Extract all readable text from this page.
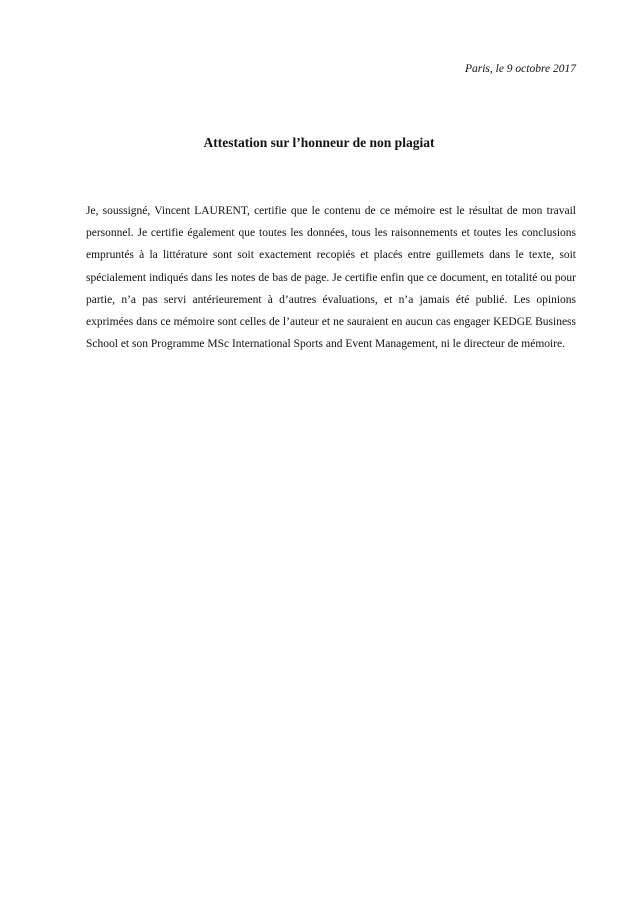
Paris, le 9 octobre 2017
Attestation sur l’honneur de non plagiat

Je, soussigné, Vincent LAURENT, certifie que le contenu de ce mémoire est le résultat de mon travail personnel. Je certifie également que toutes les données, tous les raisonnements et toutes les conclusions empruntés à la littérature sont soit exactement recopiés et placés entre guillemets dans le texte, soit spécialement indiqués dans les notes de bas de page. Je certifie enfin que ce document, en totalité ou pour partie, n’a pas servi antérieurement à d’autres évaluations, et n’a jamais été publié. Les opinions exprimées dans ce mémoire sont celles de l’auteur et ne sauraient en aucun cas engager KEDGE Business School et son Programme MSc International Sports and Event Management, ni le directeur de mémoire.
